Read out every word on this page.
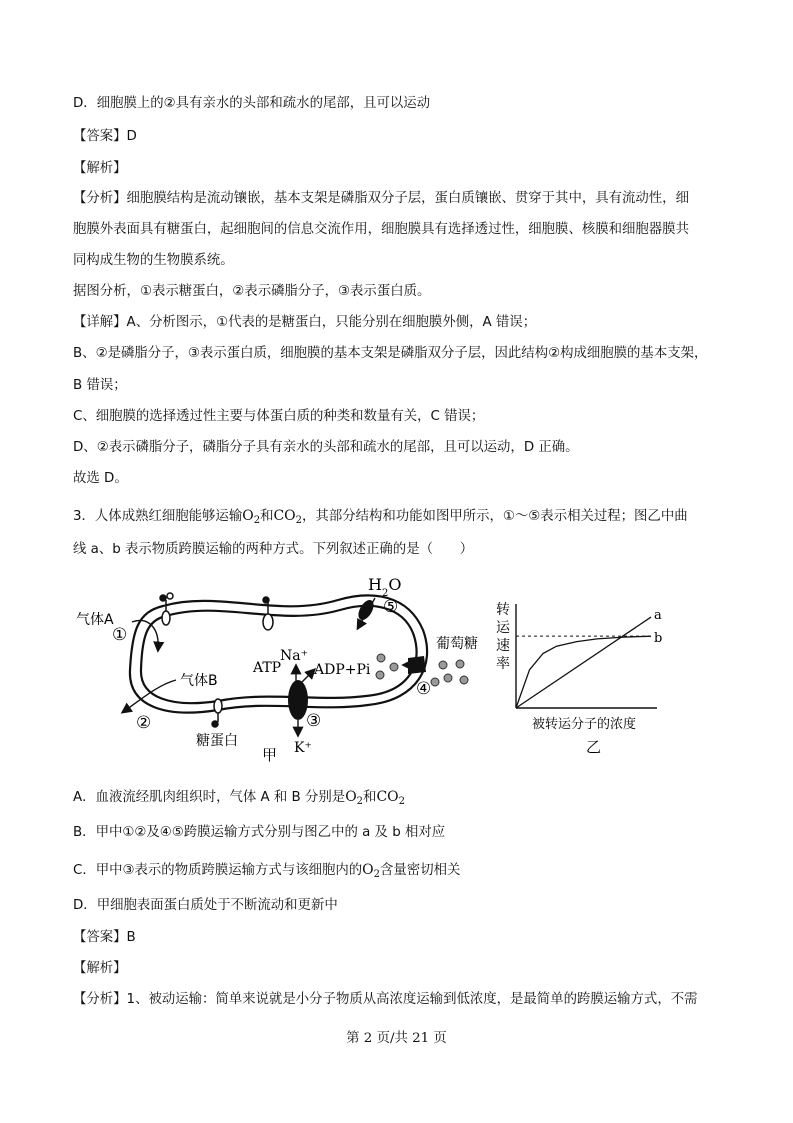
D．细胞膜上的②具有亲水的头部和疏水的尾部，且可以运动
【答案】D
【解析】
【分析】细胞膜结构是流动镶嵌，基本支架是磷脂双分子层，蛋白质镶嵌、贯穿于其中，具有流动性，细
胞膜外表面具有糖蛋白，起细胞间的信息交流作用，细胞膜具有选择透过性，细胞膜、核膜和细胞器膜共
同构成生物的生物膜系统。
据图分析，①表示糖蛋白，②表示磷脂分子，③表示蛋白质。
【详解】A、分析图示，①代表的是糖蛋白，只能分别在细胞膜外侧，A 错误；
B、②是磷脂分子，③表示蛋白质，细胞膜的基本支架是磷脂双分子层，因此结构②构成细胞膜的基本支架，
B 错误；
C、细胞膜的选择透过性主要与体蛋白质的种类和数量有关，C 错误；
D、②表示磷脂分子，磷脂分子具有亲水的头部和疏水的尾部，且可以运动，D 正确。
故选 D。
3．人体成熟红细胞能够运输$O_2$和$CO_2$，其部分结构和功能如图甲所示，①～⑤表示相关过程；图乙中曲
线 a、b 表示物质跨膜运输的两种方式。下列叙述正确的是（　　）
$H_2O$
⑤
气体A
①
气体B
②
糖蛋白
Na⁺
ATP ADP+Pi
K⁺
③
葡萄糖
④
甲
转
运
速
率
a
b
被转运分子的浓度
乙
A．血液流经肌肉组织时，气体 A 和 B 分别是$O_2$和$CO_2$
B．甲中①②及④⑤跨膜运输方式分别与图乙中的 a 及 b 相对应
C．甲中③表示的物质跨膜运输方式与该细胞内的$O_2$含量密切相关
D．甲细胞表面蛋白质处于不断流动和更新中
【答案】B
【解析】
【分析】1、被动运输：简单来说就是小分子物质从高浓度运输到低浓度，是最简单的跨膜运输方式，不需
第 2 页/共 21 页
